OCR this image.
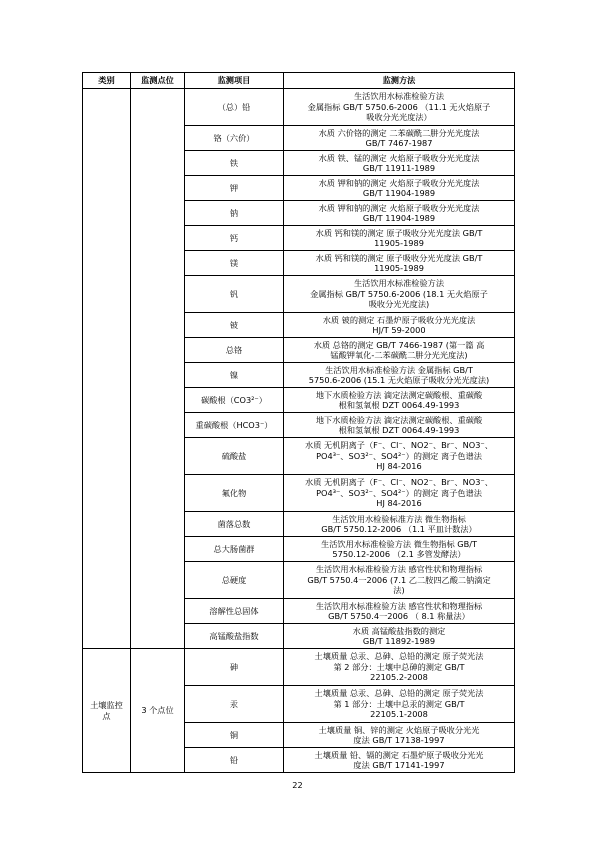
类别	监测点位	监测项目	监测方法
		（总）铅	生活饮用水标准检验方法
金属指标 GB/T 5750.6-2006 （11.1 无火焰原子
吸收分光光度法）

		铬（六价）	水质 六价铬的测定 二苯碳酰二肼分光光度法
GB/T 7467-1987

		铁	水质 铁、锰的测定 火焰原子吸收分光光度法
GB/T 11911-1989

		钾	水质 钾和钠的测定 火焰原子吸收分光光度法
GB/T 11904-1989

		钠	水质 钾和钠的测定 火焰原子吸收分光光度法
GB/T 11904-1989

		钙	水质 钙和镁的测定 原子吸收分光光度法 GB/T
11905-1989

		镁	水质 钙和镁的测定 原子吸收分光光度法 GB/T
11905-1989

		钒	生活饮用水标准检验方法
金属指标 GB/T 5750.6-2006 (18.1 无火焰原子
吸收分光光度法)

		铍	水质 铍的测定 石墨炉原子吸收分光光度法
HJ/T 59-2000

		总铬	水质 总铬的测定 GB/T 7466-1987 (第一篇 高
锰酸钾氧化-二苯碳酰二肼分光光度法)

		镍	生活饮用水标准检验方法 金属指标 GB/T
5750.6-2006 (15.1 无火焰原子吸收分光光度法)

		碳酸根（CO3²⁻）	地下水质检验方法 滴定法测定碳酸根、重碳酸
根和氢氧根 DZT 0064.49-1993

		重碳酸根（HCO3⁻）	地下水质检验方法 滴定法测定碳酸根、重碳酸
根和氢氧根 DZT 0064.49-1993

		硫酸盐	水质 无机阴离子（F⁻、Cl⁻、NO2⁻、Br⁻、NO3⁻、
PO4³⁻、SO3²⁻、SO4²⁻）的测定 离子色谱法
HJ 84-2016

		氟化物	水质 无机阴离子（F⁻、Cl⁻、NO2⁻、Br⁻、NO3⁻、
PO4³⁻、SO3²⁻、SO4²⁻）的测定 离子色谱法
HJ 84-2016

		菌落总数	生活饮用水检验标准方法 微生物指标
GB/T 5750.12-2006 （1.1 平皿计数法）

		总大肠菌群	生活饮用水标准检验方法 微生物指标 GB/T
5750.12-2006 （2.1 多管发酵法）

		总硬度	生活饮用水标准检验方法 感官性状和物理指标
GB/T 5750.4一2006 (7.1 乙二胺四乙酸二钠滴定
法)

		溶解性总固体	生活饮用水标准检验方法 感官性状和物理指标
GB/T 5750.4一2006 （ 8.1 称量法）

		高锰酸盐指数	水质 高锰酸盐指数的测定
GB/T 11892-1989

土壤监控点	3 个点位	砷	土壤质量 总汞、总砷、总铅的测定 原子荧光法
第 2 部分：土壤中总砷的测定 GB/T
22105.2-2008

		汞	土壤质量 总汞、总砷、总铅的测定 原子荧光法
第 1 部分：土壤中总汞的测定 GB/T
22105.1-2008

		铜	土壤质量 铜、锌的测定 火焰原子吸收分光光
度法 GB/T 17138-1997

		铅	土壤质量 铅、镉的测定 石墨炉原子吸收分光光
度法 GB/T 17141-1997
22
